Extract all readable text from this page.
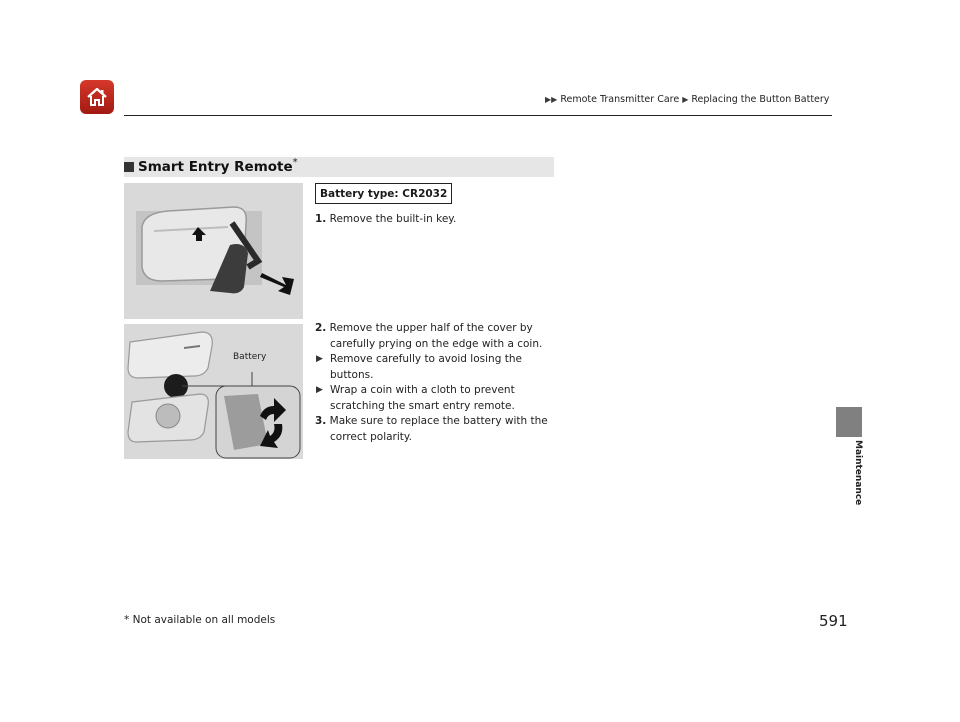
▶▶ Remote Transmitter Care ▶ Replacing the Button Battery
Smart Entry Remote *
Battery
Battery type: CR2032
1. Remove the built-in key.
2. Remove the upper half of the cover by
carefully prying on the edge with a coin.
▶ Remove carefully to avoid losing the
buttons.
▶ Wrap a coin with a cloth to prevent
scratching the smart entry remote.
3. Make sure to replace the battery with the
correct polarity.
Maintenance
* Not available on all models	591
